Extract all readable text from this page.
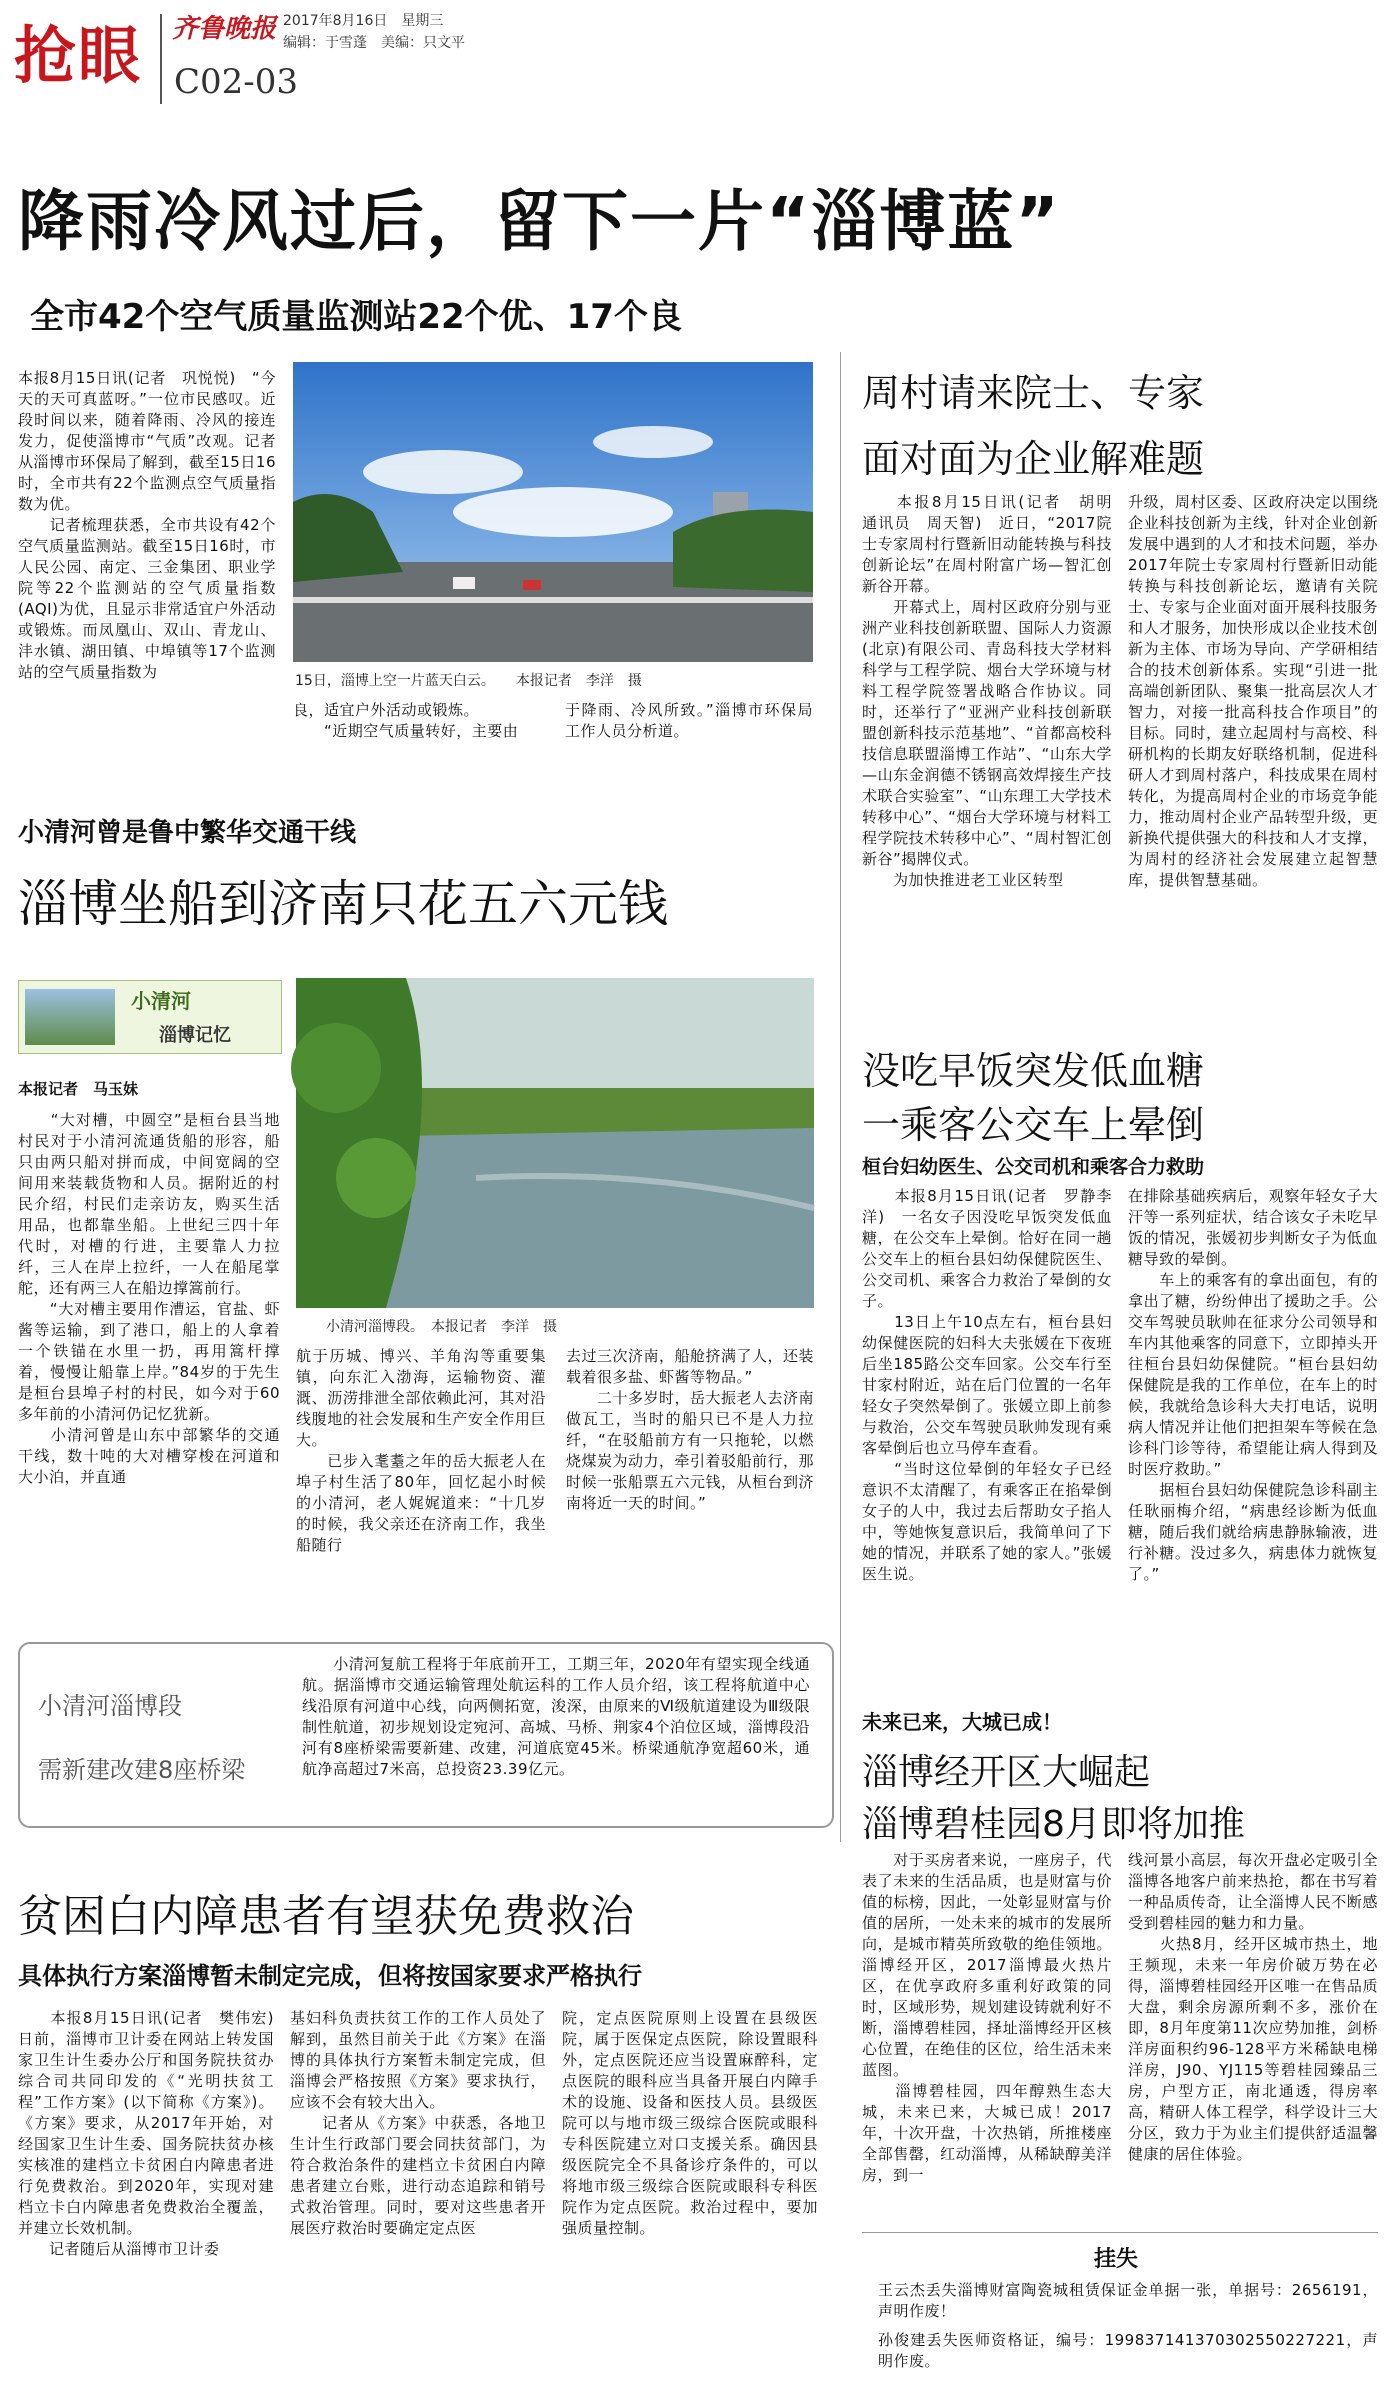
抢眼 齐鲁晚报 2017年8月16日　星期三
编辑：于雪蓬　美编：只文平
C02-03
降雨冷风过后，留下一片“淄博蓝”
全市42个空气质量监测站22个优、17个良
本报8月15日讯(记者　巩悦悦)　“今天的天可真蓝呀。”一位市民感叹。近段时间以来，随着降雨、冷风的接连发力，促使淄博市“气质”改观。记者从淄博市环保局了解到，截至15日16时，全市共有22个监测点空气质量指数为优。
　　记者梳理获悉，全市共设有42个空气质量监测站。截至15日16时，市人民公园、南定、三金集团、职业学院等22个监测站的空气质量指数(AQI)为优，且显示非常适宜户外活动或锻炼。而凤凰山、双山、青龙山、沣水镇、湖田镇、中埠镇等17个监测站的空气质量指数为	15日，淄博上空一片蓝天白云。　　本报记者　李洋　摄
良，适宜户外活动或锻炼。
　　“近期空气质量转好，主要由
于降雨、冷风所致。”淄博市环保局工作人员分析道。
小清河曾是鲁中繁华交通干线
淄博坐船到济南只花五六元钱
小清河
淄博记忆
本报记者　马玉妹
　　“大对槽，中圆空”是桓台县当地村民对于小清河流通货船的形容，船只由两只船对拼而成，中间宽阔的空间用来装载货物和人员。据附近的村民介绍，村民们走亲访友，购买生活用品，也都靠坐船。上世纪三四十年代时，对槽的行进，主要靠人力拉纤，三人在岸上拉纤，一人在船尾掌舵，还有两三人在船边撑篙前行。
　　“大对槽主要用作漕运，官盐、虾酱等运输，到了港口，船上的人拿着一个铁锚在水里一扔，再用篙杆撑着，慢慢让船靠上岸。”84岁的于先生是桓台县埠子村的村民，如今对于60多年前的小清河仍记忆犹新。
　　小清河曾是山东中部繁华的交通干线，数十吨的大对槽穿梭在河道和大小泊，并直通
小清河淄博段。　本报记者　李洋　摄
航于历城、博兴、羊角沟等重要集镇，向东汇入渤海，运输物资、灌溉、沥涝排泄全部依赖此河，其对沿线腹地的社会发展和生产安全作用巨大。
　　已步入耄耋之年的岳大振老人在埠子村生活了80年，回忆起小时候的小清河，老人娓娓道来：“十几岁的时候，我父亲还在济南工作，我坐船随行
去过三次济南，船舱挤满了人，还装载着很多盐、虾酱等物品。”
　　二十多岁时，岳大振老人去济南做瓦工，当时的船只已不是人力拉纤，“在驳船前方有一只拖轮，以燃烧煤炭为动力，牵引着驳船前行，那时候一张船票五六元钱，从桓台到济南将近一天的时间。”
小清河淄博段
需新建改建8座桥梁
　　小清河复航工程将于年底前开工，工期三年，2020年有望实现全线通航。据淄博市交通运输管理处航运科的工作人员介绍，该工程将航道中心线沿原有河道中心线，向两侧拓宽，浚深，由原来的Ⅵ级航道建设为Ⅲ级限制性航道，初步规划设定宛河、高城、马桥、荆家4个泊位区域，淄博段沿河有8座桥梁需要新建、改建，河道底宽45米。桥梁通航净宽超60米，通航净高超过7米高，总投资23.39亿元。
贫困白内障患者有望获免费救治
具体执行方案淄博暂未制定完成，但将按国家要求严格执行
　　本报8月15日讯(记者　樊伟宏)　日前，淄博市卫计委在网站上转发国家卫生计生委办公厅和国务院扶贫办综合司共同印发的《“光明扶贫工程”工作方案》(以下简称《方案》)。《方案》要求，从2017年开始，对经国家卫生计生委、国务院扶贫办核实核准的建档立卡贫困白内障患者进行免费救治。到2020年，实现对建档立卡白内障患者免费救治全覆盖，并建立长效机制。
　　记者随后从淄博市卫计委
基妇科负责扶贫工作的工作人员处了解到，虽然目前关于此《方案》在淄博的具体执行方案暂未制定完成，但淄博会严格按照《方案》要求执行，应该不会有较大出入。
　　记者从《方案》中获悉，各地卫生计生行政部门要会同扶贫部门，为符合救治条件的建档立卡贫困白内障患者建立台账，进行动态追踪和销号式救治管理。同时，要对这些患者开展医疗救治时要确定定点医
院，定点医院原则上设置在县级医院，属于医保定点医院，除设置眼科外，定点医院还应当设置麻醉科，定点医院的眼科应当具备开展白内障手术的设施、设备和医技人员。县级医院可以与地市级三级综合医院或眼科专科医院建立对口支援关系。确因县级医院完全不具备诊疗条件的，可以将地市级三级综合医院或眼科专科医院作为定点医院。救治过程中，要加强质量控制。
周村请来院士、专家
面对面为企业解难题
　　本报8月15日讯(记者　胡明　通讯员　周天智)　近日，“2017院士专家周村行暨新旧动能转换与科技创新论坛”在周村附富广场—智汇创新谷开幕。
　　开幕式上，周村区政府分别与亚洲产业科技创新联盟、国际人力资源(北京)有限公司、青岛科技大学材料科学与工程学院、烟台大学环境与材料工程学院签署战略合作协议。同时，还举行了“亚洲产业科技创新联盟创新科技示范基地”、“首都高校科技信息联盟淄博工作站”、“山东大学—山东金润德不锈钢高效焊接生产技术联合实验室”、“山东理工大学技术转移中心”、“烟台大学环境与材料工程学院技术转移中心”、“周村智汇创新谷”揭牌仪式。
　　为加快推进老工业区转型
升级，周村区委、区政府决定以围绕企业科技创新为主线，针对企业创新发展中遇到的人才和技术问题，举办2017年院士专家周村行暨新旧动能转换与科技创新论坛，邀请有关院士、专家与企业面对面开展科技服务和人才服务，加快形成以企业技术创新为主体、市场为导向、产学研相结合的技术创新体系。实现“引进一批高端创新团队、聚集一批高层次人才智力，对接一批高科技合作项目”的目标。同时，建立起周村与高校、科研机构的长期友好联络机制，促进科研人才到周村落户，科技成果在周村转化，为提高周村企业的市场竞争能力，推动周村企业产品转型升级，更新换代提供强大的科技和人才支撑，为周村的经济社会发展建立起智慧库，提供智慧基础。
没吃早饭突发低血糖
一乘客公交车上晕倒
桓台妇幼医生、公交司机和乘客合力救助
　　本报8月15日讯(记者　罗静李洋)　一名女子因没吃早饭突发低血糖，在公交车上晕倒。恰好在同一趟公交车上的桓台县妇幼保健院医生、公交司机、乘客合力救治了晕倒的女子。
　　13日上午10点左右，桓台县妇幼保健医院的妇科大夫张媛在下夜班后坐185路公交车回家。公交车行至甘家村附近，站在后门位置的一名年轻女子突然晕倒了。张媛立即上前参与救治，公交车驾驶员耿帅发现有乘客晕倒后也立马停车查看。
　　“当时这位晕倒的年轻女子已经意识不太清醒了，有乘客正在掐晕倒女子的人中，我过去后帮助女子掐人中，等她恢复意识后，我简单问了下她的情况，并联系了她的家人。”张媛医生说。
在排除基础疾病后，观察年轻女子大汗等一系列症状，结合该女子未吃早饭的情况，张媛初步判断女子为低血糖导致的晕倒。
　　车上的乘客有的拿出面包，有的拿出了糖，纷纷伸出了援助之手。公交车驾驶员耿帅在征求分公司领导和车内其他乘客的同意下，立即掉头开往桓台县妇幼保健院。“桓台县妇幼保健院是我的工作单位，在车上的时候，我就给急诊科大夫打电话，说明病人情况并让他们把担架车等候在急诊科门诊等待，希望能让病人得到及时医疗救助。”
　　据桓台县妇幼保健院急诊科副主任耿丽梅介绍，“病患经诊断为低血糖，随后我们就给病患静脉输液，进行补糖。没过多久，病患体力就恢复了。”
未来已来，大城已成！
淄博经开区大崛起
淄博碧桂园8月即将加推
　　对于买房者来说，一座房子，代表了未来的生活品质，也是财富与价值的标榜，因此，一处彰显财富与价值的居所，一处未来的城市的发展所向，是城市精英所致敬的绝佳领地。淄博经开区，2017淄博最火热片区，在优享政府多重利好政策的同时，区域形势，规划建设铸就利好不断，淄博碧桂园，择址淄博经开区核心位置，在绝佳的区位，给生活未来蓝图。
　　淄博碧桂园，四年醇熟生态大城，未来已来，大城已成！2017年，十次开盘，十次热销，所推楼座全部售罄，红动淄博，从稀缺醇美洋房，到一
线河景小高层，每次开盘必定吸引全淄博各地客户前来热抢，都在书写着一种品质传奇，让全淄博人民不断感受到碧桂园的魅力和力量。
　　火热8月，经开区城市热土，地王频现，未来一年房价破万势在必得，淄博碧桂园经开区唯一在售品质大盘，剩余房源所剩不多，涨价在即，8月年度第11次应势加推，剑桥洋房面积约96-128平方米稀缺电梯洋房，J90、YJ115等碧桂园臻品三房，户型方正，南北通透，得房率高，精研人体工程学，科学设计三大分区，致力于为业主们提供舒适温馨健康的居住体验。
挂失
王云杰丢失淄博财富陶瓷城租赁保证金单据一张，单据号：2656191，声明作废！
孙俊建丢失医师资格证，编号：199837141370302550227221，声明作废。
